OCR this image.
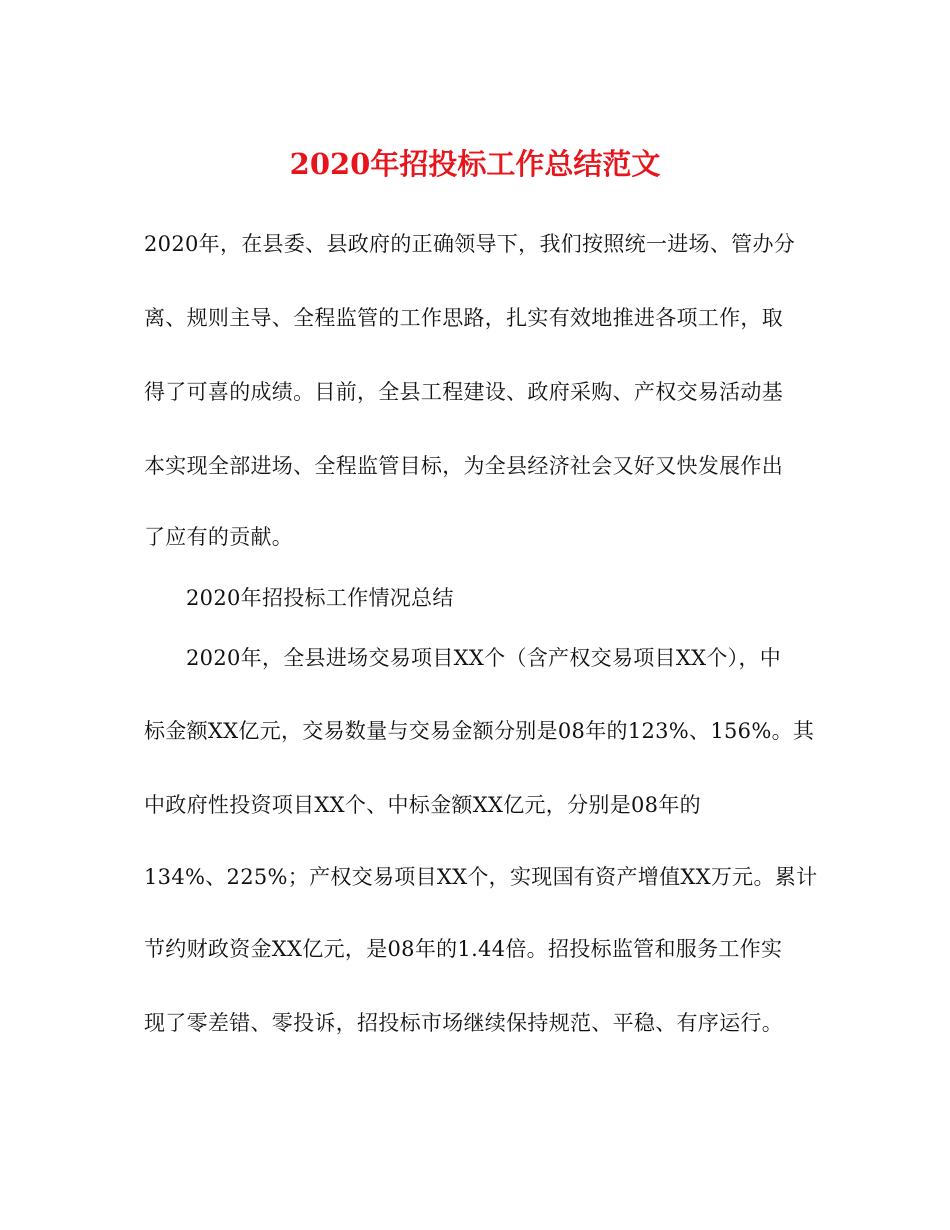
2020年招投标工作总结范文
2020年，在县委、县政府的正确领导下，我们按照统一进场、管办分
离、规则主导、全程监管的工作思路，扎实有效地推进各项工作，取
得了可喜的成绩。目前，全县工程建设、政府采购、产权交易活动基
本实现全部进场、全程监管目标，为全县经济社会又好又快发展作出
了应有的贡献。
2020年招投标工作情况总结
2020年，全县进场交易项目XX个（含产权交易项目XX个），中
标金额XX亿元，交易数量与交易金额分别是08年的123%、156%。其
中政府性投资项目XX个、中标金额XX亿元，分别是08年的
134%、225%；产权交易项目XX个，实现国有资产增值XX万元。累计
节约财政资金XX亿元，是08年的1.44倍。招投标监管和服务工作实
现了零差错、零投诉，招投标市场继续保持规范、平稳、有序运行。
